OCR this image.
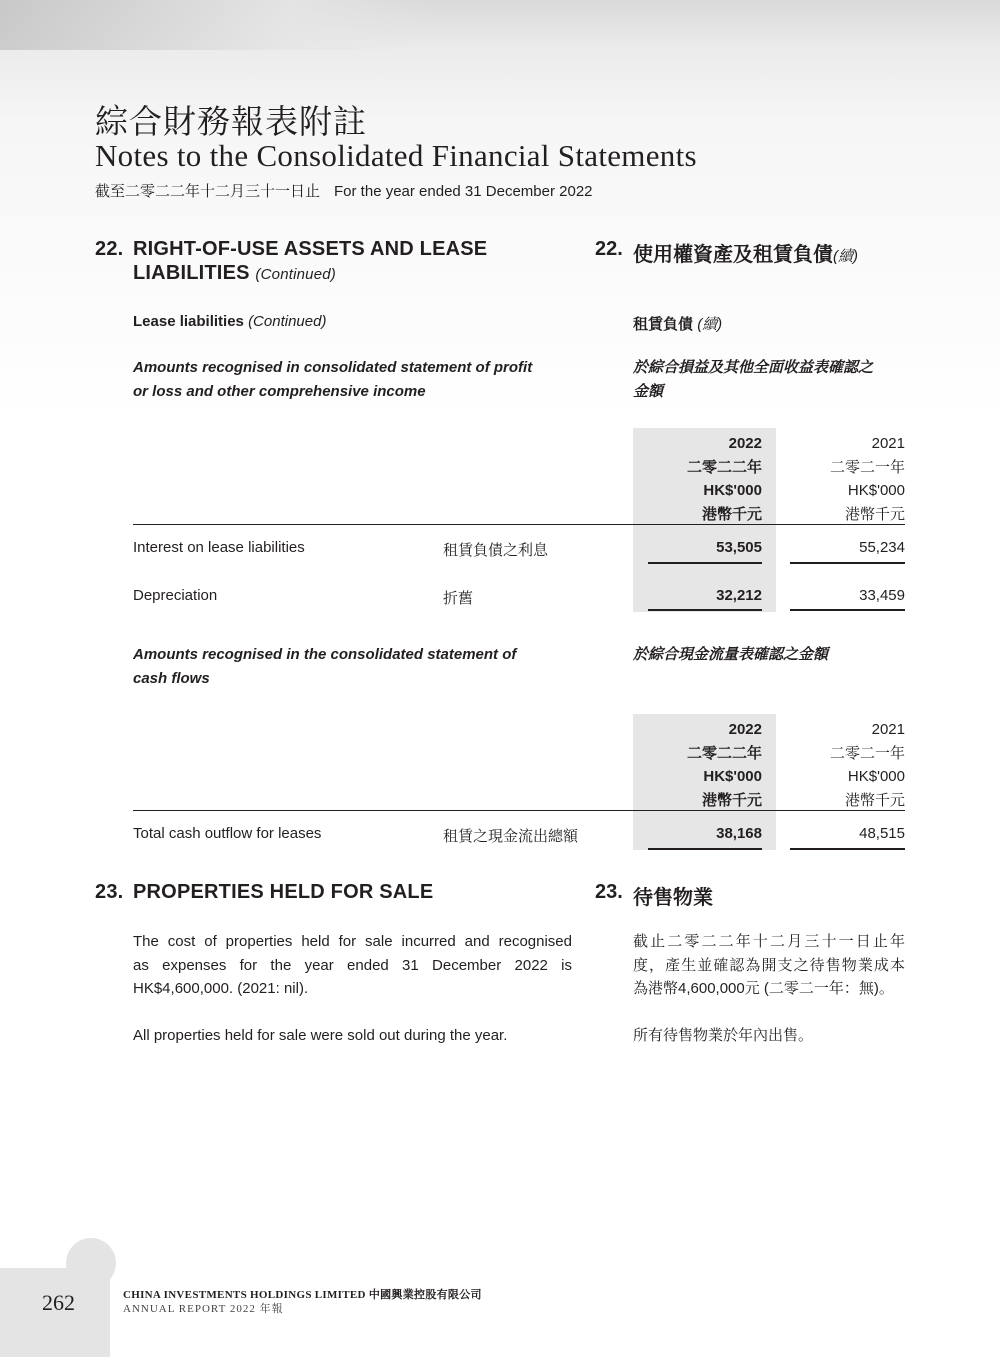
綜合財務報表附註
Notes to the Consolidated Financial Statements
截至二零二二年十二月三十一日止 For the year ended 31 December 2022
22. RIGHT-OF-USE ASSETS AND LEASE
LIABILITIES (Continued)
22. 使用權資產及租賃負債(續)
Lease liabilities (Continued)	租賃負債 (續)
Amounts recognised in consolidated statement of profit
or loss and other comprehensive income
於綜合損益及其他全面收益表確認之
金額
2022
二零二二年
HK$'000
港幣千元
2021
二零二一年
HK$'000
港幣千元
Interest on lease liabilities	租賃負債之利息	53,505	55,234
Depreciation	折舊	32,212	33,459
Amounts recognised in the consolidated statement of
cash flows
於綜合現金流量表確認之金額
2022
二零二二年
HK$'000
港幣千元
2021
二零二一年
HK$'000
港幣千元
Total cash outflow for leases	租賃之現金流出總額	38,168	48,515
23. PROPERTIES HELD FOR SALE	23. 待售物業
The cost of properties held for sale incurred and recognised
as expenses for the year ended 31 December 2022 is
HK$4,600,000. (2021: nil).
截止二零二二年十二月三十一日止年
度，產生並確認為開支之待售物業成本
為港幣4,600,000元 (二零二一年：無)。
All properties held for sale were sold out during the year.	所有待售物業於年內出售。
262	CHINA INVESTMENTS HOLDINGS LIMITED 中國興業控股有限公司
ANNUAL REPORT 2022 年報
